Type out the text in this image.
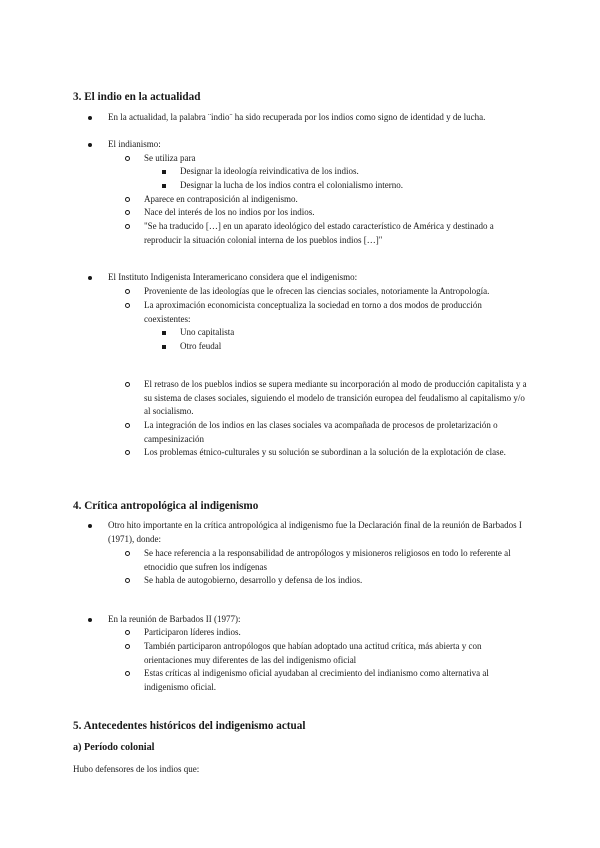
3. El indio en la actualidad
En la actualidad, la palabra ¨indio¨ ha sido recuperada por los indios como signo de identidad y de lucha.
El indianismo:
Se utiliza para
Designar la ideología reivindicativa de los indios.
Designar la lucha de los indios contra el colonialismo interno.
Aparece en contraposición al indigenismo.
Nace del interés de los no indios por los indios.
"Se ha traducido […] en un aparato ideológico del estado característico de América y destinado a reproducir la situación colonial interna de los pueblos indios […]"
El Instituto Indigenista Interamericano considera que el indigenismo:
Proveniente de las ideologías que le ofrecen las ciencias sociales, notoriamente la Antropología.
La aproximación economicista conceptualiza la sociedad en torno a dos modos de producción coexistentes:
Uno capitalista
Otro feudal
El retraso de los pueblos indios se supera mediante su incorporación al modo de producción capitalista y a su sistema de clases sociales, siguiendo el modelo de transición europea del feudalismo al capitalismo y/o al socialismo.
La integración de los indios en las clases sociales va acompañada de procesos de proletarización o campesinización
Los problemas étnico-culturales y su solución se subordinan a la solución de la explotación de clase.
4. Crítica antropológica al indigenismo
Otro hito importante en la crítica antropológica al indigenismo fue la Declaración final de la reunión de Barbados I (1971), donde:
Se hace referencia a la responsabilidad de antropólogos y misioneros religiosos en todo lo referente al etnocidio que sufren los indígenas
Se habla de autogobierno, desarrollo y defensa de los indios.
En la reunión de Barbados II (1977):
Participaron líderes indios.
También participaron antropólogos que habían adoptado una actitud crítica, más abierta y con orientaciones muy diferentes de las del indigenismo oficial
Estas críticas al indigenismo oficial ayudaban al crecimiento del indianismo como alternativa al indigenismo oficial.
5. Antecedentes históricos del indigenismo actual
a) Período colonial

Hubo defensores de los indios que:
